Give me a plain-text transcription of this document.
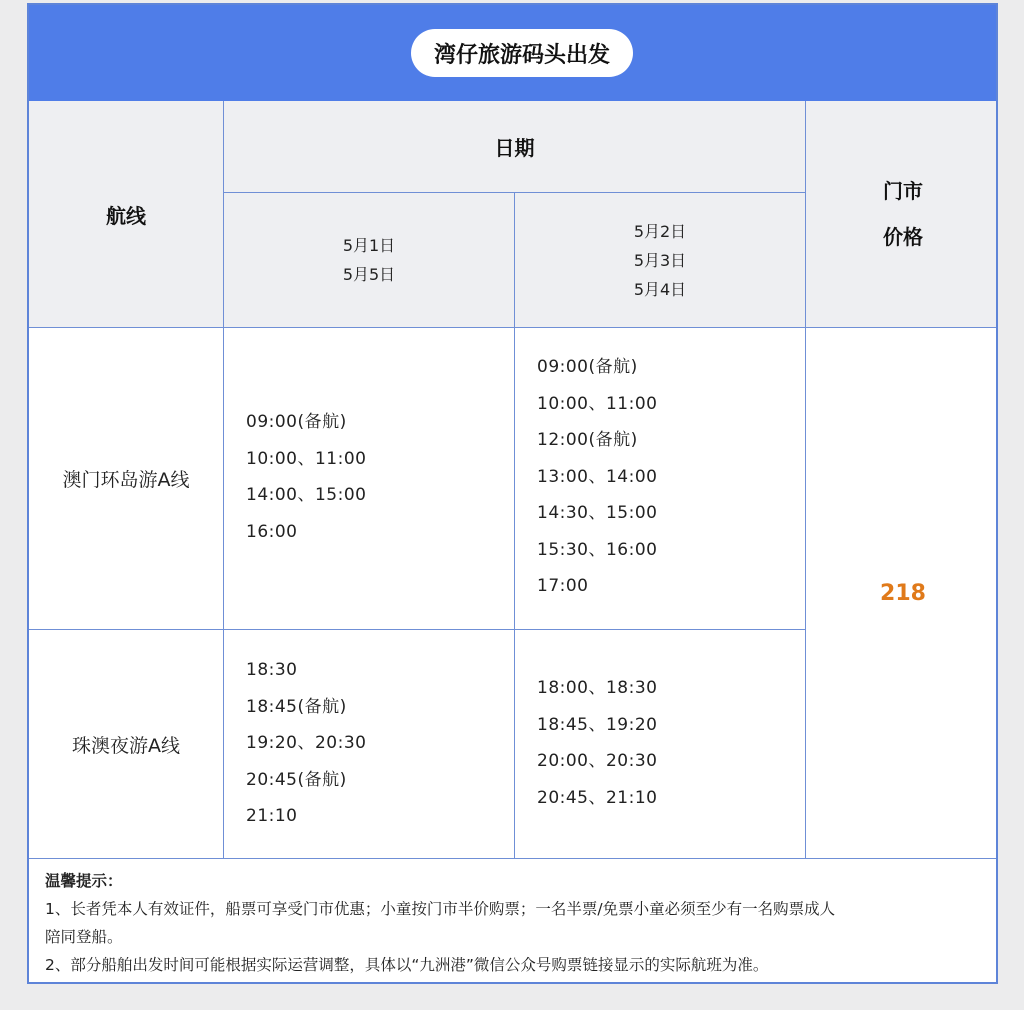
湾仔旅游码头出发
航线
日期
5月1日
5月5日
5月2日
5月3日
5月4日
门市
价格
澳门环岛游A线
珠澳夜游A线
09:00(备航)
10:00、11:00
14:00、15:00
16:00
09:00(备航)
10:00、11:00
12:00(备航)
13:00、14:00
14:30、15:00
15:30、16:00
17:00
18:30
18:45(备航)
19:20、20:30
20:45(备航)
21:10
18:00、18:30
18:45、19:20
20:00、20:30
20:45、21:10
218
温馨提示：
1、长者凭本人有效证件，船票可享受门市优惠；小童按门市半价购票；一名半票/免票小童必须至少有一名购票成人
陪同登船。
2、部分船舶出发时间可能根据实际运营调整，具体以“九洲港”微信公众号购票链接显示的实际航班为准。
